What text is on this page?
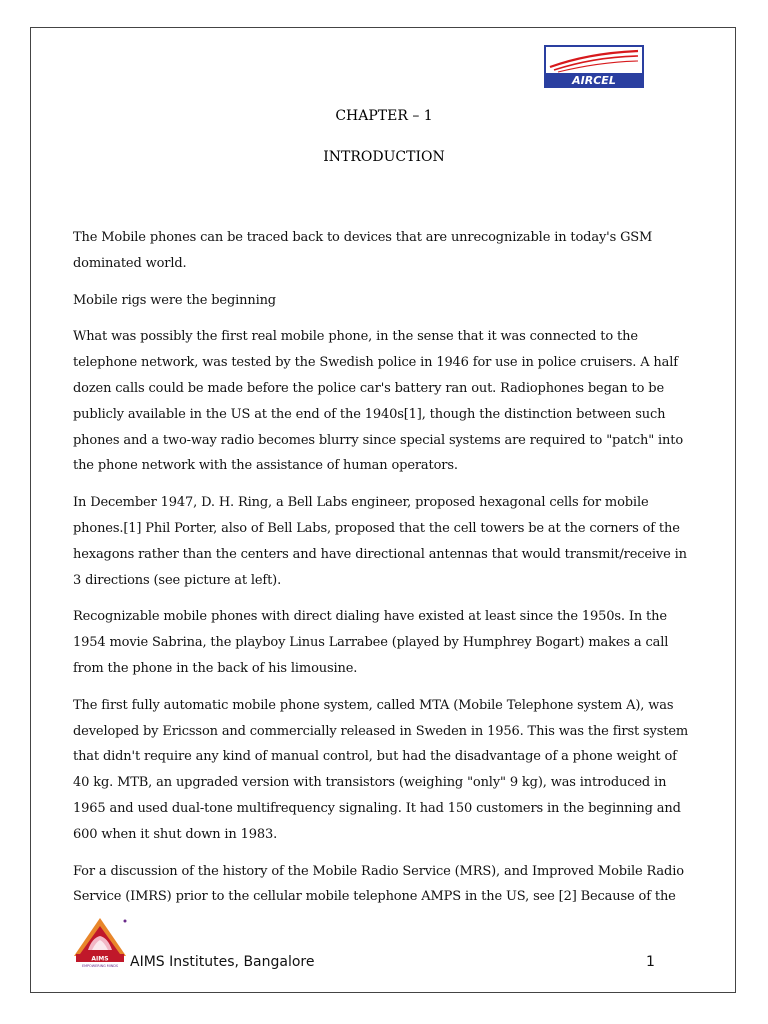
AIRCEL
CHAPTER – 1
INTRODUCTION

The Mobile phones can be traced back to devices that are unrecognizable in today's GSM dominated world.

Mobile rigs were the beginning

What was possibly the first real mobile phone, in the sense that it was connected to the telephone network, was tested by the Swedish police in 1946 for use in police cruisers. A half dozen calls could be made before the police car's battery ran out. Radiophones began to be publicly available in the US at the end of the 1940s[1], though the distinction between such phones and a two-way radio becomes blurry since special systems are required to "patch" into the phone network with the assistance of human operators.

In December 1947, D. H. Ring, a Bell Labs engineer, proposed hexagonal cells for mobile phones.[1] Phil Porter, also of Bell Labs, proposed that the cell towers be at the corners of the hexagons rather than the centers and have directional antennas that would transmit/receive in 3 directions (see picture at left).

Recognizable mobile phones with direct dialing have existed at least since the 1950s. In the 1954 movie Sabrina, the playboy Linus Larrabee (played by Humphrey Bogart) makes a call from the phone in the back of his limousine.

The first fully automatic mobile phone system, called MTA (Mobile Telephone system A), was developed by Ericsson and commercially released in Sweden in 1956. This was the first system that didn't require any kind of manual control, but had the disadvantage of a phone weight of 40 kg. MTB, an upgraded version with transistors (weighing "only" 9 kg), was introduced in 1965 and used dual-tone multifrequency signaling. It had 150 customers in the beginning and 600 when it shut down in 1983.

For a discussion of the history of the Mobile Radio Service (MRS), and Improved Mobile Radio Service (IMRS) prior to the cellular mobile telephone AMPS in the US, see [2] Because of the

AIMS
EMPOWERING MINDS AIMS Institutes, Bangalore	1
